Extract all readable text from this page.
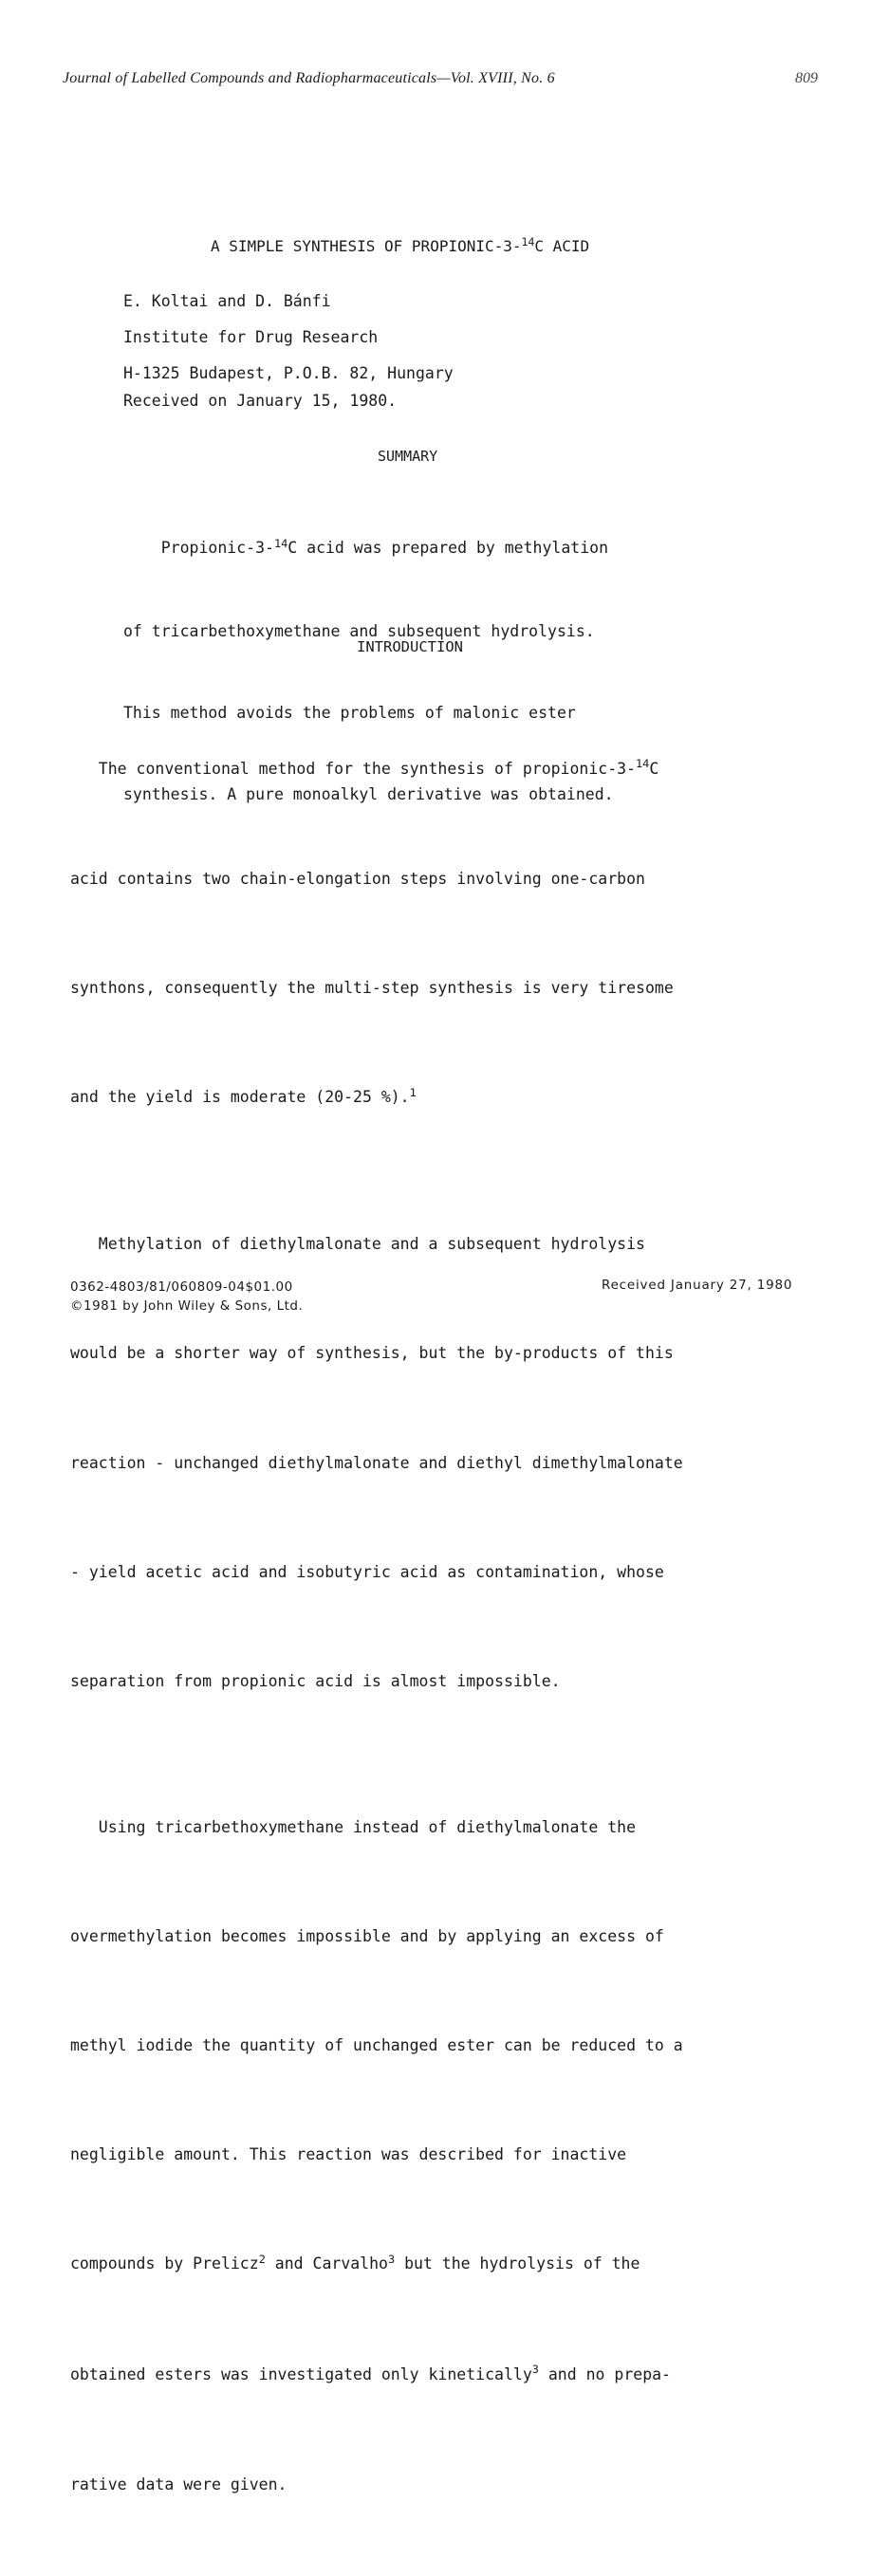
Journal of Labelled Compounds and Radiopharmaceuticals—Vol. XVIII, No. 6	809
A SIMPLE SYNTHESIS OF PROPIONIC-3-$^{14}$C ACID
E. Koltai and D. Bánfi
Institute for Drug Research
H-1325 Budapest, P.O.B. 82, Hungary
Received on January 15, 1980.
SUMMARY

Propionic-3-$^{14}$C acid was prepared by methylation

of tricarbethoxymethane and subsequent hydrolysis.

This method avoids the problems of malonic ester

synthesis. A pure monoalkyl derivative was obtained.

INTRODUCTION

The conventional method for the synthesis of propionic-3-$^{14}$C

acid contains two chain-elongation steps involving one-carbon

synthons, consequently the multi-step synthesis is very tiresome

and the yield is moderate (20-25 %).$^1$

Methylation of diethylmalonate and a subsequent hydrolysis

would be a shorter way of synthesis, but the by-products of this

reaction - unchanged diethylmalonate and diethyl dimethylmalonate

- yield acetic acid and isobutyric acid as contamination, whose

separation from propionic acid is almost impossible.

Using tricarbethoxymethane instead of diethylmalonate the

overmethylation becomes impossible and by applying an excess of

methyl iodide the quantity of unchanged ester can be reduced to a

negligible amount. This reaction was described for inactive

compounds by Prelicz$^2$ and Carvalho$^3$ but the hydrolysis of the

obtained esters was investigated only kinetically$^3$ and no prepa-

rative data were given.

0362-4803/81/060809-04$01.00
©1981 by John Wiley & Sons, Ltd.
Received January 27, 1980
